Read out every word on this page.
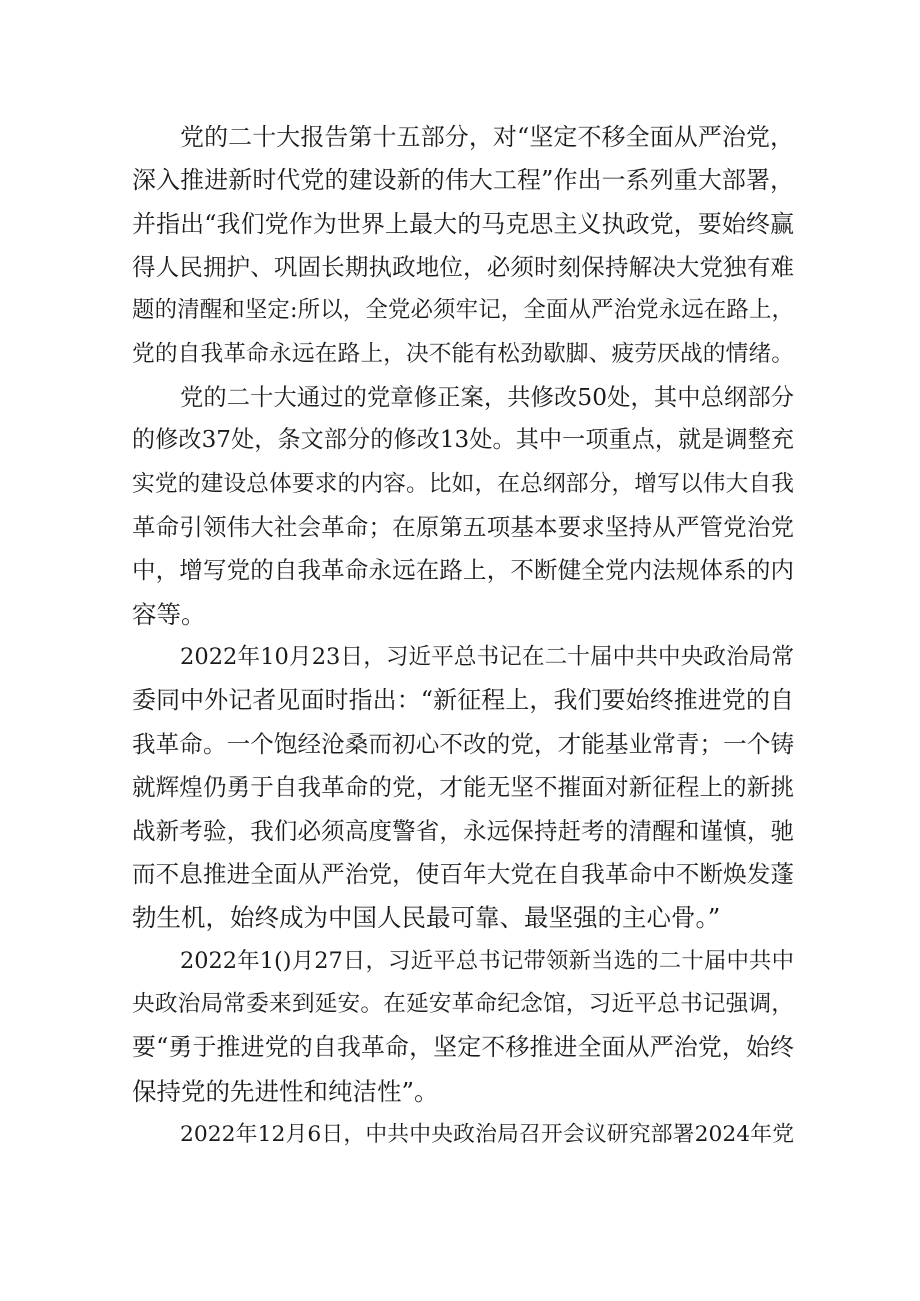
党的二十大报告第十五部分，对“坚定不移全面从严治党，
深入推进新时代党的建设新的伟大工程”作出一系列重大部署，
并指出“我们党作为世界上最大的马克思主义执政党，要始终赢
得人民拥护、巩固长期执政地位，必须时刻保持解决大党独有难
题的清醒和坚定:所以，全党必须牢记，全面从严治党永远在路上，
党的自我革命永远在路上，决不能有松劲歇脚、疲劳厌战的情绪。
党的二十大通过的党章修正案，共修改50处，其中总纲部分
的修改37处，条文部分的修改13处。其中一项重点，就是调整充
实党的建设总体要求的内容。比如，在总纲部分，增写以伟大自我
革命引领伟大社会革命；在原第五项基本要求坚持从严管党治党
中，增写党的自我革命永远在路上，不断健全党内法规体系的内
容等。
2022年10月23日，习近平总书记在二十届中共中央政治局常
委同中外记者见面时指出：“新征程上，我们要始终推进党的自
我革命。一个饱经沧桑而初心不改的党，才能基业常青；一个铸
就辉煌仍勇于自我革命的党，才能无坚不摧面对新征程上的新挑
战新考验，我们必须高度警省，永远保持赶考的清醒和谨慎，驰
而不息推进全面从严治党，使百年大党在自我革命中不断焕发蓬
勃生机，始终成为中国人民最可靠、最坚强的主心骨。”
2022年1()月27日，习近平总书记带领新当选的二十届中共中
央政治局常委来到延安。在延安革命纪念馆，习近平总书记强调，
要“勇于推进党的自我革命，坚定不移推进全面从严治党，始终
保持党的先进性和纯洁性”。
2022年12月6日，中共中央政治局召开会议研究部署2024年党
